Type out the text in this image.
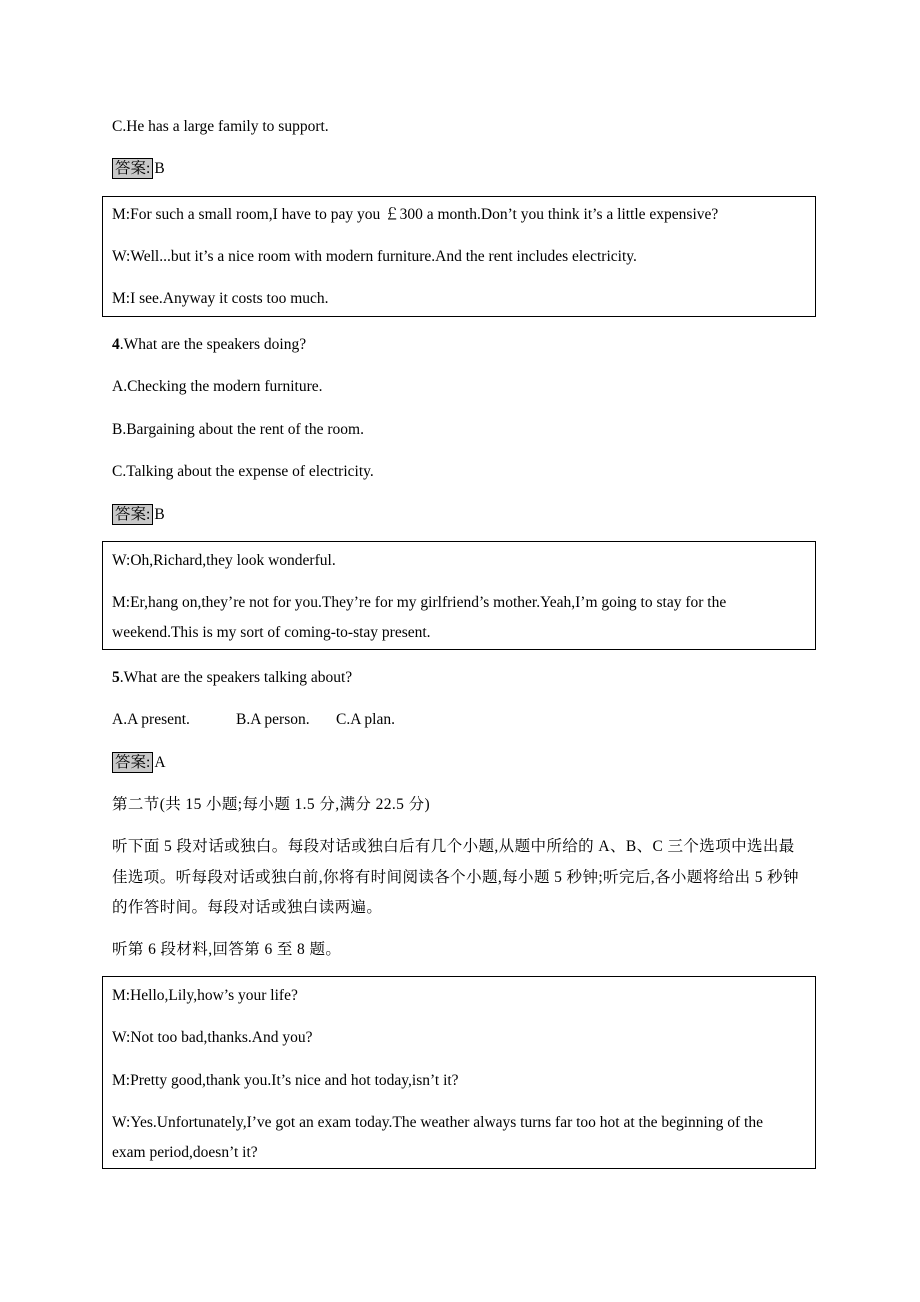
C.He has a large family to support.
答案: B
M:For such a small room,I have to pay you ￡300 a month.Don’t you think it’s a little expensive?
W:Well...but it’s a nice room with modern furniture.And the rent includes electricity.
M:I see.Anyway it costs too much.
4.What are the speakers doing?
A.Checking the modern furniture.
B.Bargaining about the rent of the room.
C.Talking about the expense of electricity.
答案: B
W:Oh,Richard,they look wonderful.
M:Er,hang on,they’re not for you.They’re for my girlfriend’s mother.Yeah,I’m going to stay for the
weekend.This is my sort of coming-to-stay present.
5.What are the speakers talking about?
A.A present.	B.A person. C.A plan.
答案: A
第二节(共 15 小题;每小题 1.5 分,满分 22.5 分)
听下面 5 段对话或独白。每段对话或独白后有几个小题,从题中所给的 A、B、C 三个选项中选出最
佳选项。听每段对话或独白前,你将有时间阅读各个小题,每小题 5 秒钟;听完后,各小题将给出 5 秒钟
的作答时间。每段对话或独白读两遍。
听第 6 段材料,回答第 6 至 8 题。
M:Hello,Lily,how’s your life?
W:Not too bad,thanks.And you?
M:Pretty good,thank you.It’s nice and hot today,isn’t it?
W:Yes.Unfortunately,I’ve got an exam today.The weather always turns far too hot at the beginning of the
exam period,doesn’t it?
